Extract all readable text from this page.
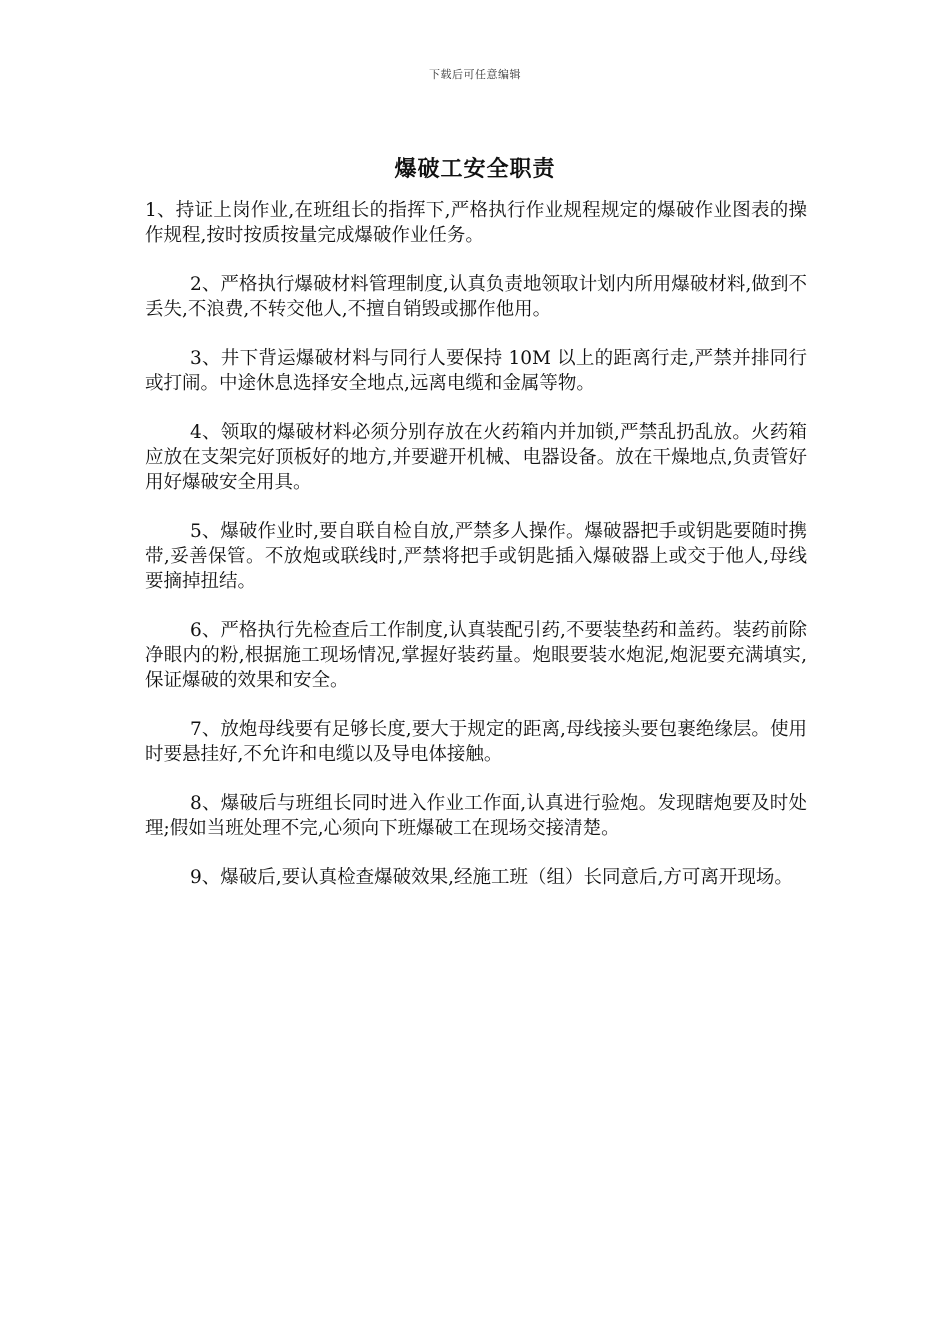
下载后可任意编辑
爆破工安全职责

1、持证上岗作业,在班组长的指挥下,严格执行作业规程规定的爆破作业图表的操作规程,按时按质按量完成爆破作业任务。

2、严格执行爆破材料管理制度,认真负责地领取计划内所用爆破材料,做到不丢失,不浪费,不转交他人,不擅自销毁或挪作他用。

3、井下背运爆破材料与同行人要保持 10M 以上的距离行走,严禁并排同行或打闹。中途休息选择安全地点,远离电缆和金属等物。

4、领取的爆破材料必须分别存放在火药箱内并加锁,严禁乱扔乱放。火药箱应放在支架完好顶板好的地方,并要避开机械、电器设备。放在干燥地点,负责管好用好爆破安全用具。

5、爆破作业时,要自联自检自放,严禁多人操作。爆破器把手或钥匙要随时携带,妥善保管。不放炮或联线时,严禁将把手或钥匙插入爆破器上或交于他人,母线要摘掉扭结。

6、严格执行先检查后工作制度,认真装配引药,不要装垫药和盖药。装药前除净眼内的粉,根据施工现场情况,掌握好装药量。炮眼要装水炮泥,炮泥要充满填实,保证爆破的效果和安全。

7、放炮母线要有足够长度,要大于规定的距离,母线接头要包裹绝缘层。使用时要悬挂好,不允许和电缆以及导电体接触。

8、爆破后与班组长同时进入作业工作面,认真进行验炮。发现瞎炮要及时处理;假如当班处理不完,心须向下班爆破工在现场交接清楚。

9、爆破后,要认真检查爆破效果,经施工班（组）长同意后,方可离开现场。
